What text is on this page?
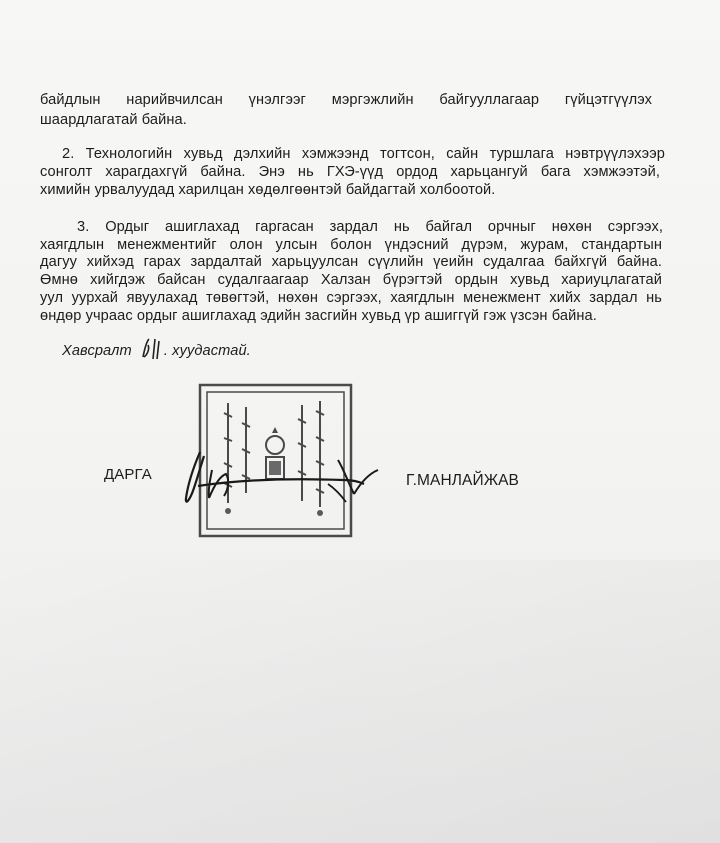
байдлын нарийвчилсан үнэлгээг мэргэжлийн байгууллагаар гүйцэтгүүлэх
шаардлагатай байна.
2. Технологийн хувьд дэлхийн хэмжээнд тогтсон, сайн туршлага нэвтрүүлэхээр
сонголт харагдахгүй байна. Энэ нь ГХЭ-үүд ордод харьцангуй бага хэмжээтэй,
химийн урвалуудад харилцан хөдөлгөөнтэй байдагтай холбоотой.
3. Ордыг ашиглахад гаргасан зардал нь байгал орчныг нөхөн сэргээх,
хаягдлын менежментийг олон улсын болон үндэсний дүрэм, журам, стандартын
дагуу хийхэд гарах зардалтай харьцуулсан сүүлийн үеийн судалгаа байхгүй байна.
Өмнө хийгдэж байсан судалгаагаар Халзан бүрэгтэй ордын хувьд хариуцлагатай
уул уурхай явуулахад төвөгтэй, нөхөн сэргээх, хаягдлын менежмент хийх зардал нь
өндөр учраас ордыг ашиглахад эдийн засгийн хувьд үр ашиггүй гэж үзсэн байна.
Хавсралт . хуудастай.
ДАРГА	Г.МАНЛАЙЖАВ
